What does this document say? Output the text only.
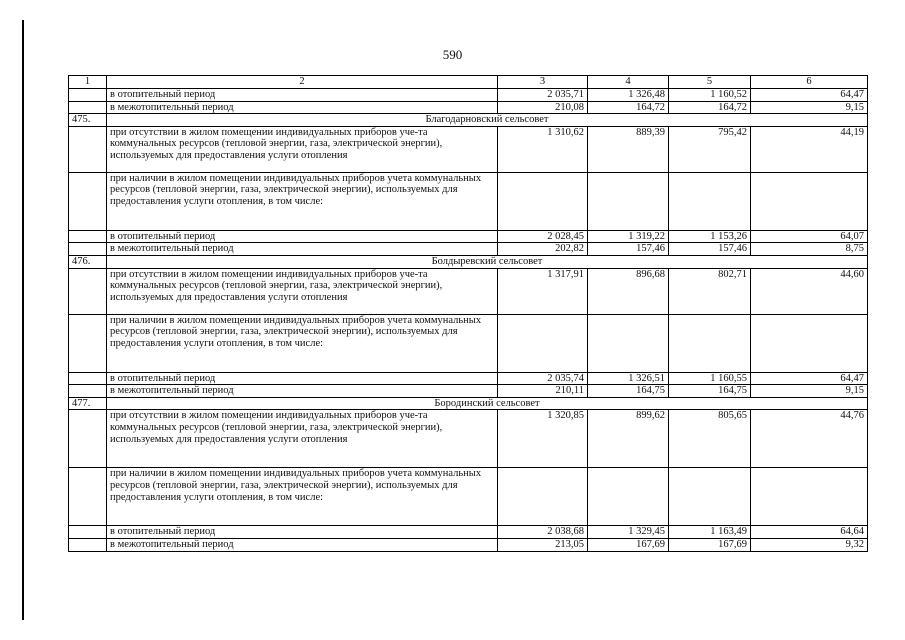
590
1	2	3	4	5	6
	в отопительный период	2 035,71	1 326,48	1 160,52	64,47
	в межотопительный период	210,08	164,72	164,72	9,15
475.	Благодарновский сельсовет				
	при отсутствии в жилом помещении индивидуальных приборов уче-та коммунальных ресурсов (тепловой энергии, газа, электрической энергии), используемых для предоставления услуги отопления	1 310,62	889,39	795,42	44,19
	при наличии в жилом помещении индивидуальных приборов учета коммунальных ресурсов (тепловой энергии, газа, электрической энергии), используемых для предоставления услуги отопления, в том числе:				
	в отопительный период	2 028,45	1 319,22	1 153,26	64,07
	в межотопительный период	202,82	157,46	157,46	8,75
476.	Болдыревский сельсовет				
	при отсутствии в жилом помещении индивидуальных приборов уче-та коммунальных ресурсов (тепловой энергии, газа, электрической энергии), используемых для предоставления услуги отопления	1 317,91	896,68	802,71	44,60
	при наличии в жилом помещении индивидуальных приборов учета коммунальных ресурсов (тепловой энергии, газа, электрической энергии), используемых для предоставления услуги отопления, в том числе:				
	в отопительный период	2 035,74	1 326,51	1 160,55	64,47
	в межотопительный период	210,11	164,75	164,75	9,15
477.	Бородинский сельсовет				
	при отсутствии в жилом помещении индивидуальных приборов уче-та коммунальных ресурсов (тепловой энергии, газа, электрической энергии), используемых для предоставления услуги отопления	1 320,85	899,62	805,65	44,76
	при наличии в жилом помещении индивидуальных приборов учета коммунальных ресурсов (тепловой энергии, газа, электрической энергии), используемых для предоставления услуги отопления, в том числе:				
	в отопительный период	2 038,68	1 329,45	1 163,49	64,64
	в межотопительный период	213,05	167,69	167,69	9,32
